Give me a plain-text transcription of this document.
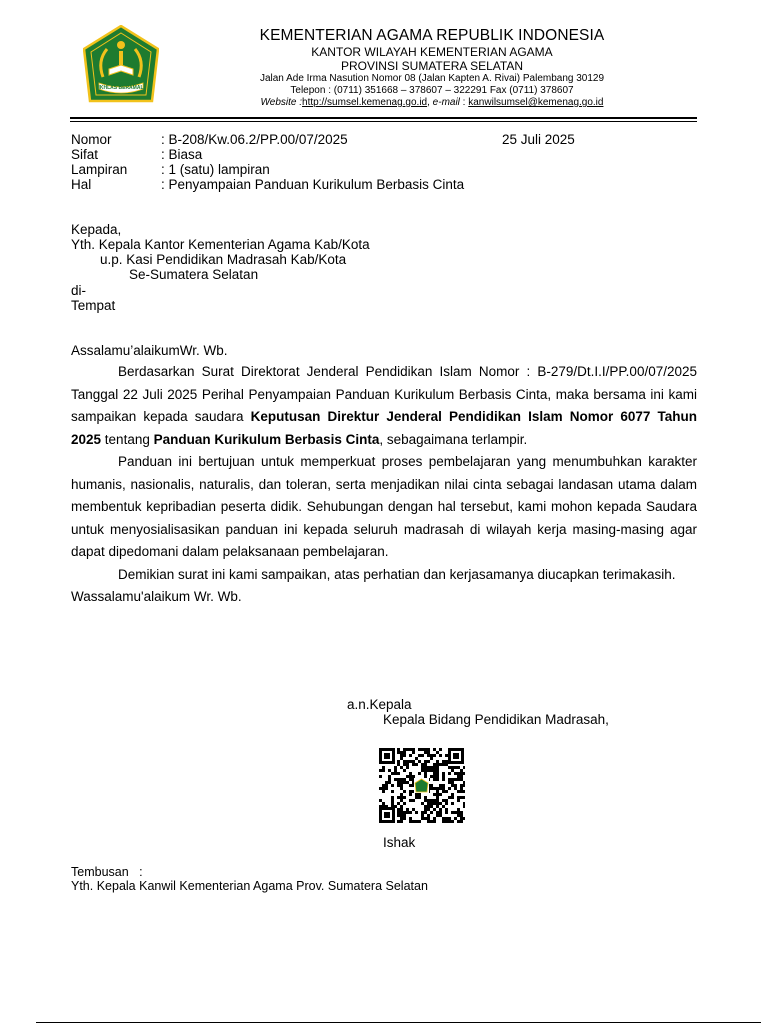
IKHLAS BERAMAL
KEMENTERIAN AGAMA REPUBLIK INDONESIA
KANTOR WILAYAH KEMENTERIAN AGAMA
PROVINSI SUMATERA SELATAN
Jalan Ade Irma Nasution Nomor 08 (Jalan Kapten A. Rivai) Palembang 30129
Telepon : (0711) 351668 – 378607 – 322291 Fax (0711) 378607
Website :http://sumsel.kemenag.go.id, e-mail : kanwilsumsel@kemenag.go.id
Nomor	: B-208/Kw.06.2/PP.00/07/2025
Sifat	: Biasa
Lampiran : 1 (satu) lampiran
Hal	: Penyampaian Panduan Kurikulum Berbasis Cinta
25 Juli 2025
Kepada,
Yth. Kepala Kantor Kementerian Agama Kab/Kota
u.p. Kasi Pendidikan Madrasah Kab/Kota
Se-Sumatera Selatan
di-
Tempat
Assalamu’alaikumWr. Wb.

Berdasarkan Surat Direktorat Jenderal Pendidikan Islam Nomor : B-279/Dt.I.I/PP.00/07/2025 Tanggal 22 Juli 2025 Perihal Penyampaian Panduan Kurikulum Berbasis Cinta, maka bersama ini kami sampaikan kepada saudara Keputusan Direktur Jenderal Pendidikan Islam Nomor 6077 Tahun 2025 tentang Panduan Kurikulum Berbasis Cinta, sebagaimana terlampir.

Panduan ini bertujuan untuk memperkuat proses pembelajaran yang menumbuhkan karakter humanis, nasionalis, naturalis, dan toleran, serta menjadikan nilai cinta sebagai landasan utama dalam membentuk kepribadian peserta didik. Sehubungan dengan hal tersebut, kami mohon kepada Saudara untuk menyosialisasikan panduan ini kepada seluruh madrasah di wilayah kerja masing-masing agar dapat dipedomani dalam pelaksanaan pembelajaran.

Demikian surat ini kami sampaikan, atas perhatian dan kerjasamanya diucapkan terimakasih.

Wassalamu'alaikum Wr. Wb.

a.n.Kepala
Kepala Bidang Pendidikan Madrasah,
Ishak
Tembusan   :
Yth. Kepala Kanwil Kementerian Agama Prov. Sumatera Selatan
